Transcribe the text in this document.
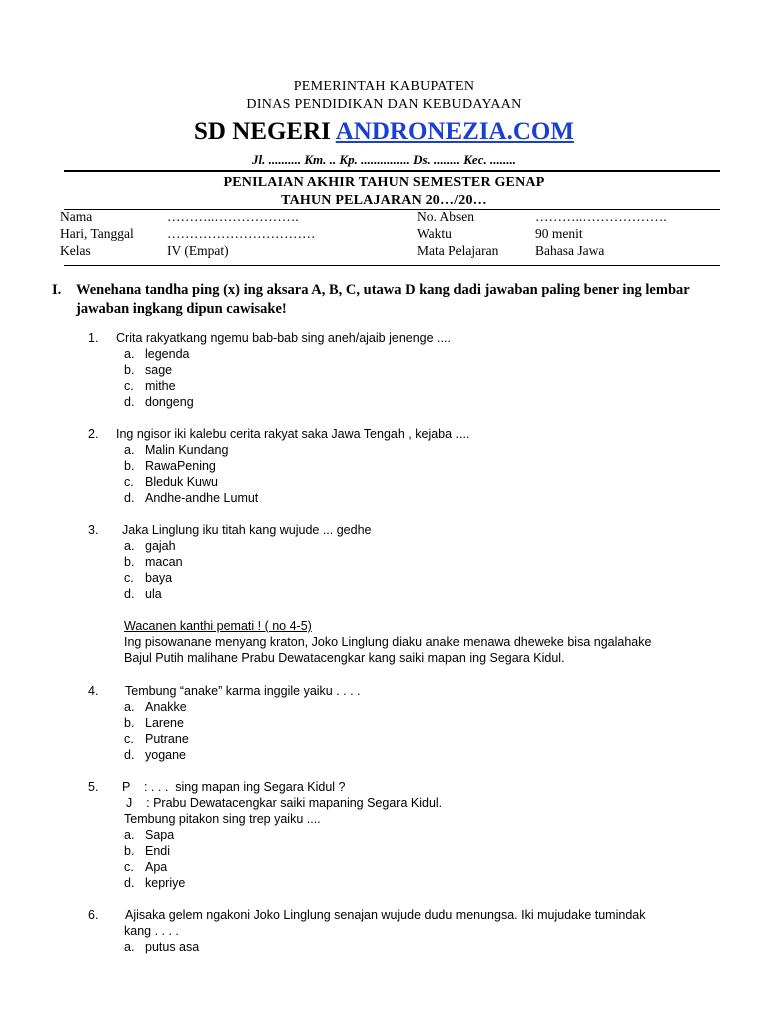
PEMERINTAH KABUPATEN
DINAS PENDIDIKAN DAN KEBUDAYAAN
SD NEGERI ANDRONEZIA.COM
Jl. .......... Km. .. Kp. ............... Ds. ........ Kec. ........
PENILAIAN AKHIR TAHUN SEMESTER GENAP
TAHUN PELAJARAN 20…/20…
Nama	………..……………….	No. Absen	………..……………….
Hari, Tanggal	……………………………	Waktu	90 menit
Kelas	IV (Empat)	Mata Pelajaran	Bahasa Jawa
I. Wenehana tandha ping (x) ing aksara A, B, C, utawa D kang dadi jawaban paling bener ing lembar jawaban ingkang dipun cawisake!
1. Crita rakyatkang ngemu bab-bab sing aneh/ajaib jenenge ....
a. legenda
b. sage
c. mithe
d. dongeng
2. Ing ngisor iki kalebu cerita rakyat saka Jawa Tengah , kejaba ....
a. Malin Kundang
b. RawaPening
c. Bleduk Kuwu
d. Andhe-andhe Lumut
3. Jaka Linglung iku titah kang wujude ... gedhe
a. gajah
b. macan
c. baya
d. ula
Wacanen kanthi pemati ! ( no 4-5)
Ing pisowanane menyang kraton, Joko Linglung diaku anake menawa dheweke bisa ngalahake
Bajul Putih malihane Prabu Dewatacengkar kang saiki mapan ing Segara Kidul.
4. Tembung “anake” karma inggile yaiku . . . .
a. Anakke
b. Larene
c. Putrane
d. yogane
5. P    : . . .  sing mapan ing Segara Kidul ?
J    : Prabu Dewatacengkar saiki mapaning Segara Kidul.
Tembung pitakon sing trep yaiku ....
a. Sapa
b. Endi
c. Apa
d. kepriye
6. Ajisaka gelem ngakoni Joko Linglung senajan wujude dudu menungsa. Iki mujudake tumindak
kang . . . .
a. putus asa
